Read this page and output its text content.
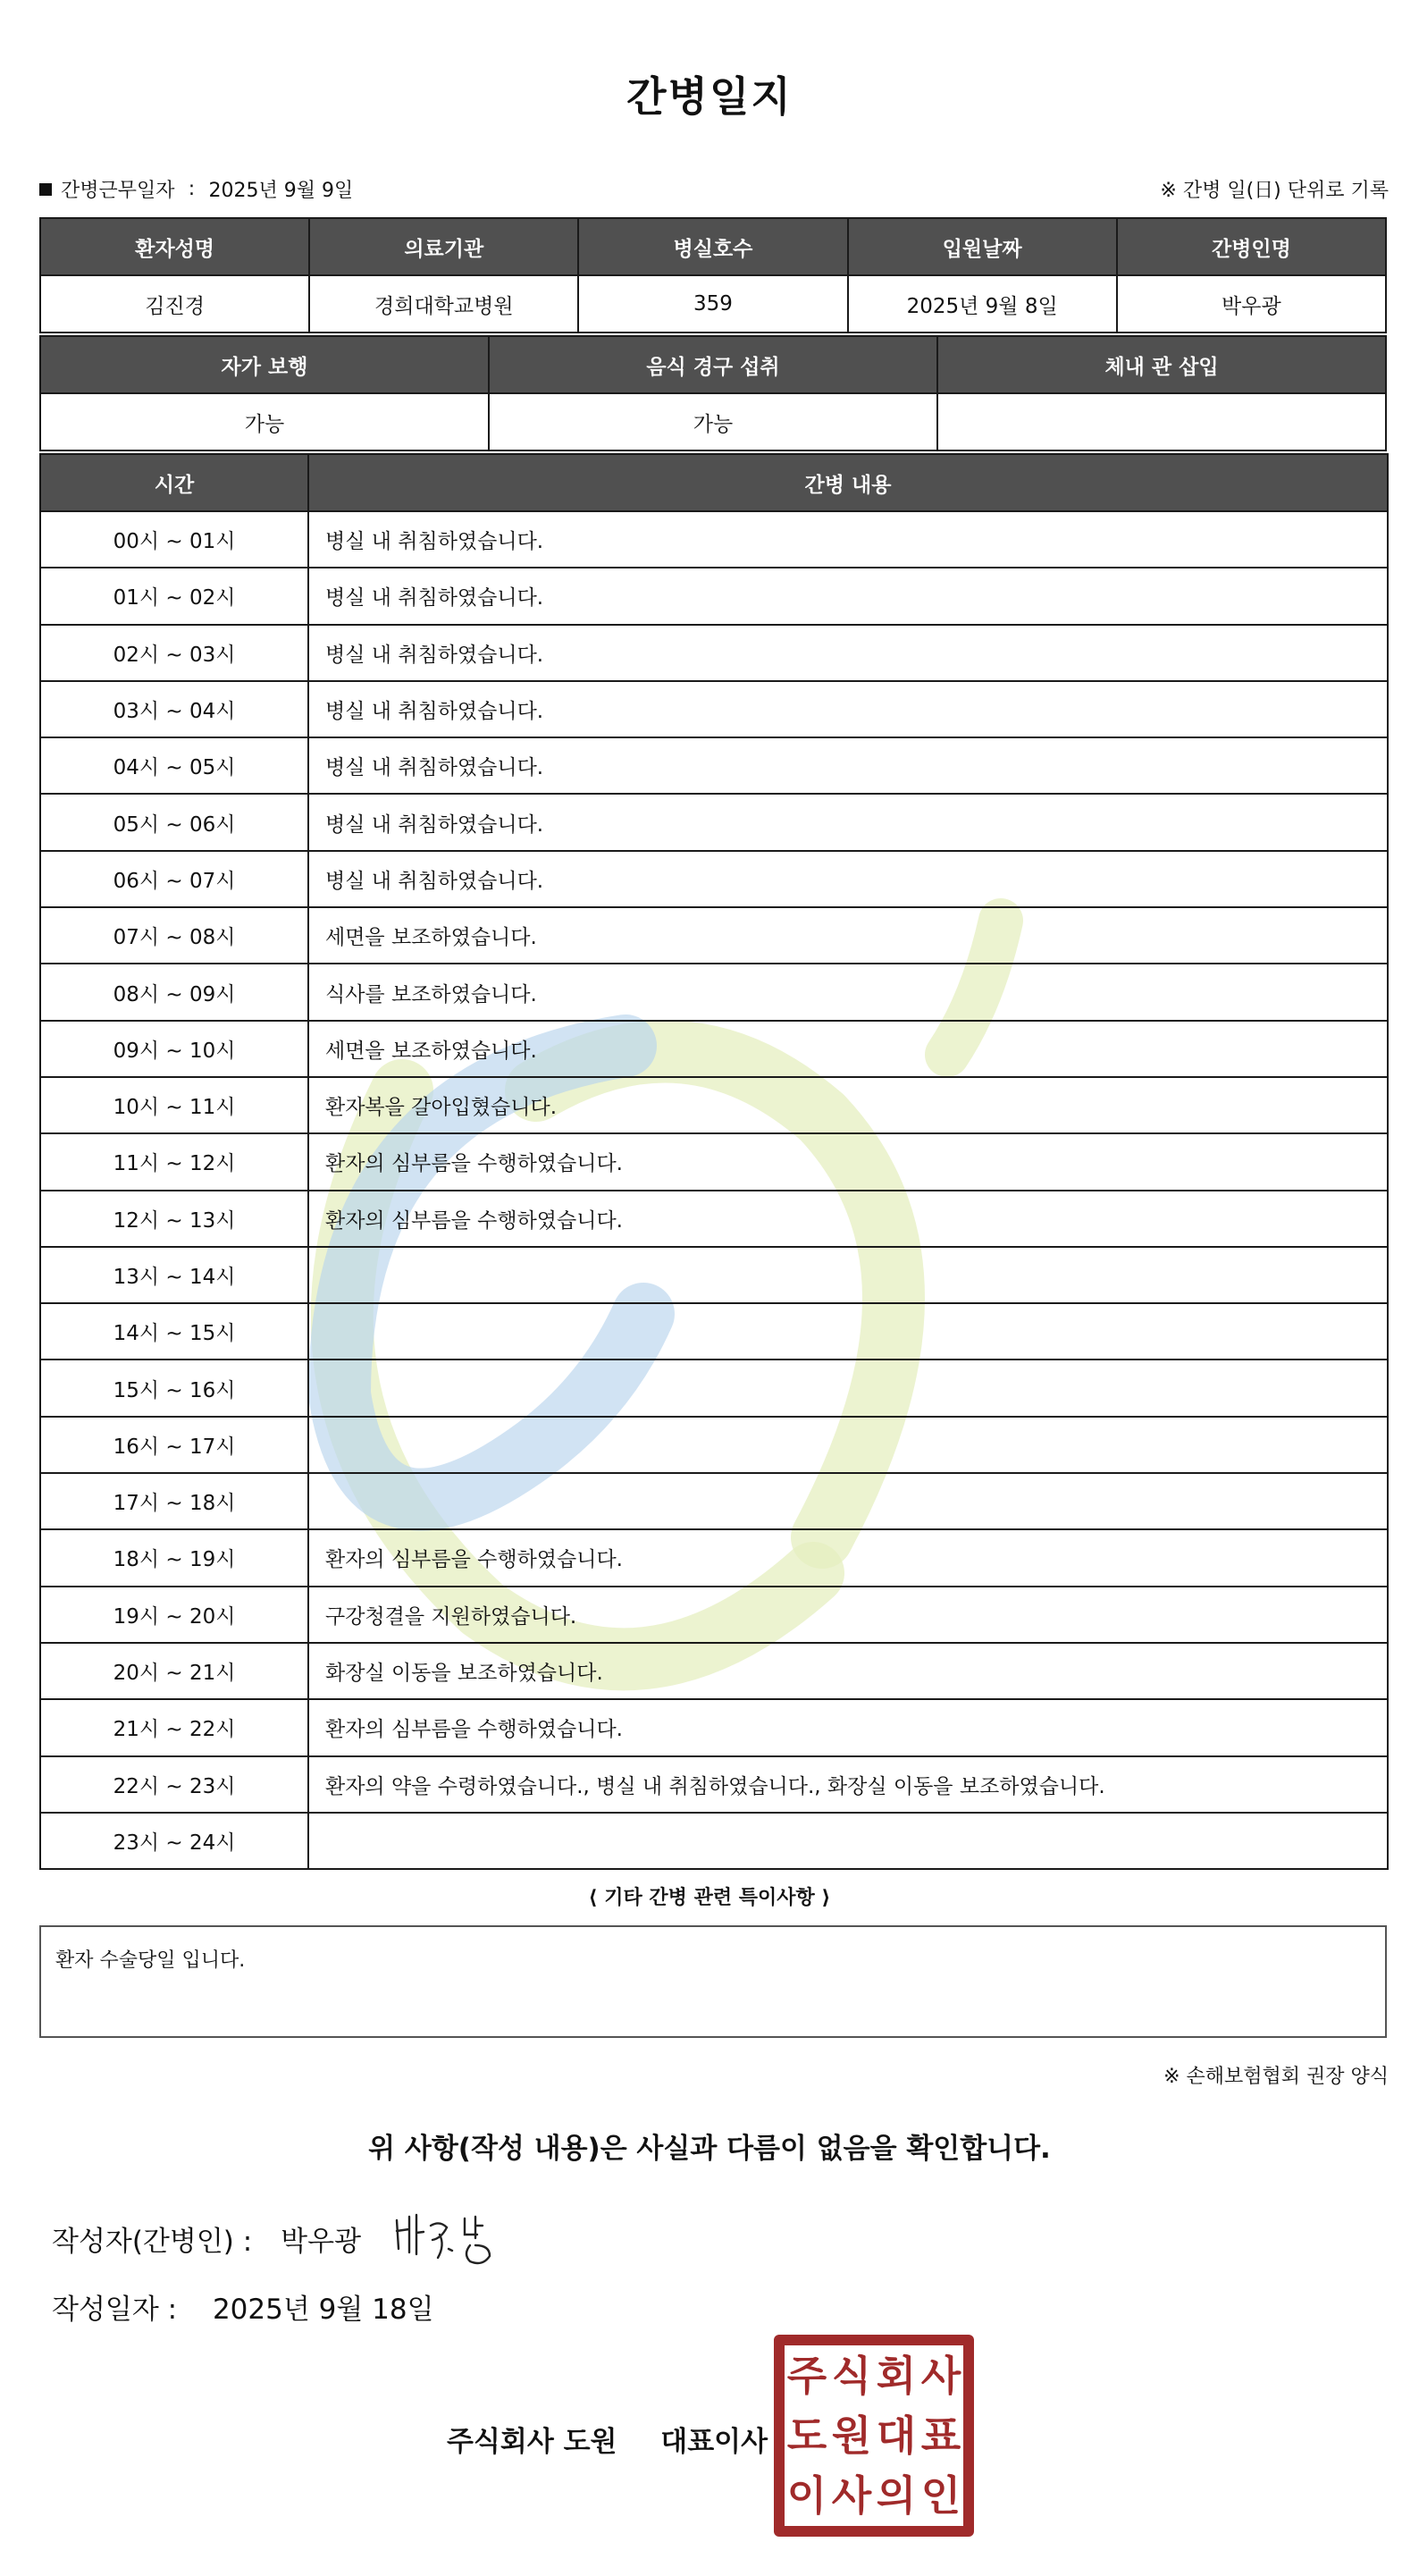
간병일지
간병근무일자 : 2025년 9월 9일	※ 간병 일(日) 단위로 기록
환자성명	의료기관	병실호수	입원날짜	간병인명
김진경	경희대학교병원	359	2025년 9월 8일	박우광
자가 보행	음식 경구 섭취	체내 관 삽입
가능	가능	
시간	간병 내용
00시 ~ 01시	병실 내 취침하였습니다.
01시 ~ 02시	병실 내 취침하였습니다.
02시 ~ 03시	병실 내 취침하였습니다.
03시 ~ 04시	병실 내 취침하였습니다.
04시 ~ 05시	병실 내 취침하였습니다.
05시 ~ 06시	병실 내 취침하였습니다.
06시 ~ 07시	병실 내 취침하였습니다.
07시 ~ 08시	세면을 보조하였습니다.
08시 ~ 09시	식사를 보조하였습니다.
09시 ~ 10시	세면을 보조하였습니다.
10시 ~ 11시	환자복을 갈아입혔습니다.
11시 ~ 12시	환자의 심부름을 수행하였습니다.
12시 ~ 13시	환자의 심부름을 수행하였습니다.
13시 ~ 14시	
14시 ~ 15시	
15시 ~ 16시	
16시 ~ 17시	
17시 ~ 18시	
18시 ~ 19시	환자의 심부름을 수행하였습니다.
19시 ~ 20시	구강청결을 지원하였습니다.
20시 ~ 21시	화장실 이동을 보조하였습니다.
21시 ~ 22시	환자의 심부름을 수행하였습니다.
22시 ~ 23시	환자의 약을 수령하였습니다., 병실 내 취침하였습니다., 화장실 이동을 보조하였습니다.
23시 ~ 24시	
⟨ 기타 간병 관련 특이사항 ⟩
환자 수술당일 입니다.
※ 손해보험협회 권장 양식
위 사항(작성 내용)은 사실과 다름이 없음을 확인합니다.
작성자(간병인) : 박우광
작성일자 : 2025년 9월 18일
주식회사 도원 대표이사
주 식 회 사
도 원 대 표
이 사 의 인
